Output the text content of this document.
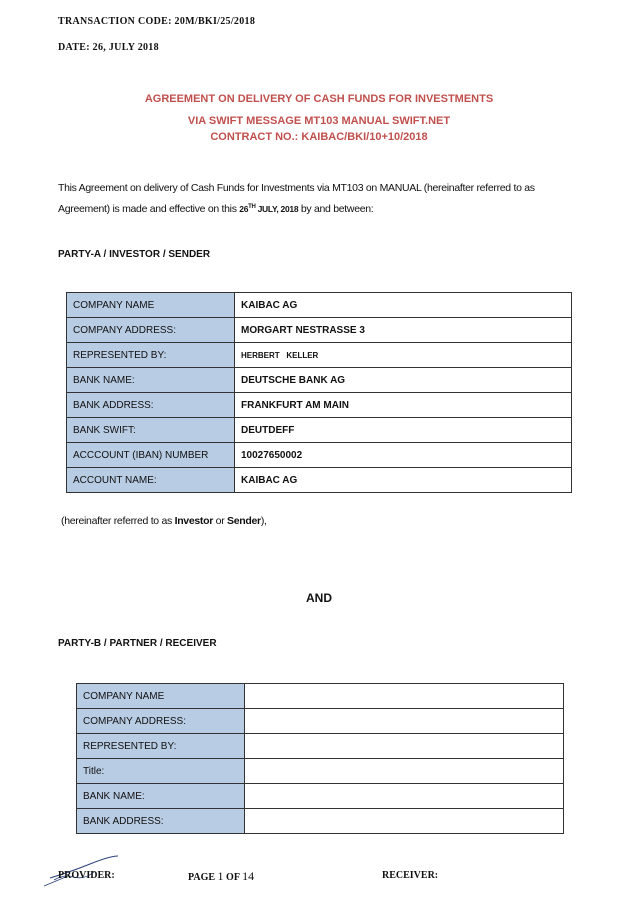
TRANSACTION CODE: 20M/BKI/25/2018
DATE: 26, JULY 2018
AGREEMENT ON DELIVERY OF CASH FUNDS FOR INVESTMENTS
VIA SWIFT MESSAGE MT103 MANUAL SWIFT.NET
CONTRACT NO.: KAIBAC/BKI/10+10/2018
This Agreement on delivery of Cash Funds for Investments via MT103 on MANUAL (hereinafter referred to as Agreement) is made and effective on this 26TH JULY, 2018 by and between:
PARTY-A / INVESTOR / SENDER
COMPANY NAME	KAIBAC AG
COMPANY ADDRESS:	MORGART NESTRASSE 3
REPRESENTED BY:	HERBERT   KELLER
BANK NAME:	DEUTSCHE BANK AG
BANK ADDRESS:	FRANKFURT AM MAIN
BANK SWIFT:	DEUTDEFF
ACCCOUNT (IBAN) NUMBER	10027650002
ACCOUNT NAME:	KAIBAC AG
(hereinafter referred to as Investor or Sender),
AND
PARTY-B / PARTNER / RECEIVER
COMPANY NAME	
COMPANY ADDRESS:	
REPRESENTED BY:	
Title:	
BANK NAME:	
BANK ADDRESS:	
PROVIDER:	PAGE 1 OF 14	RECEIVER:
